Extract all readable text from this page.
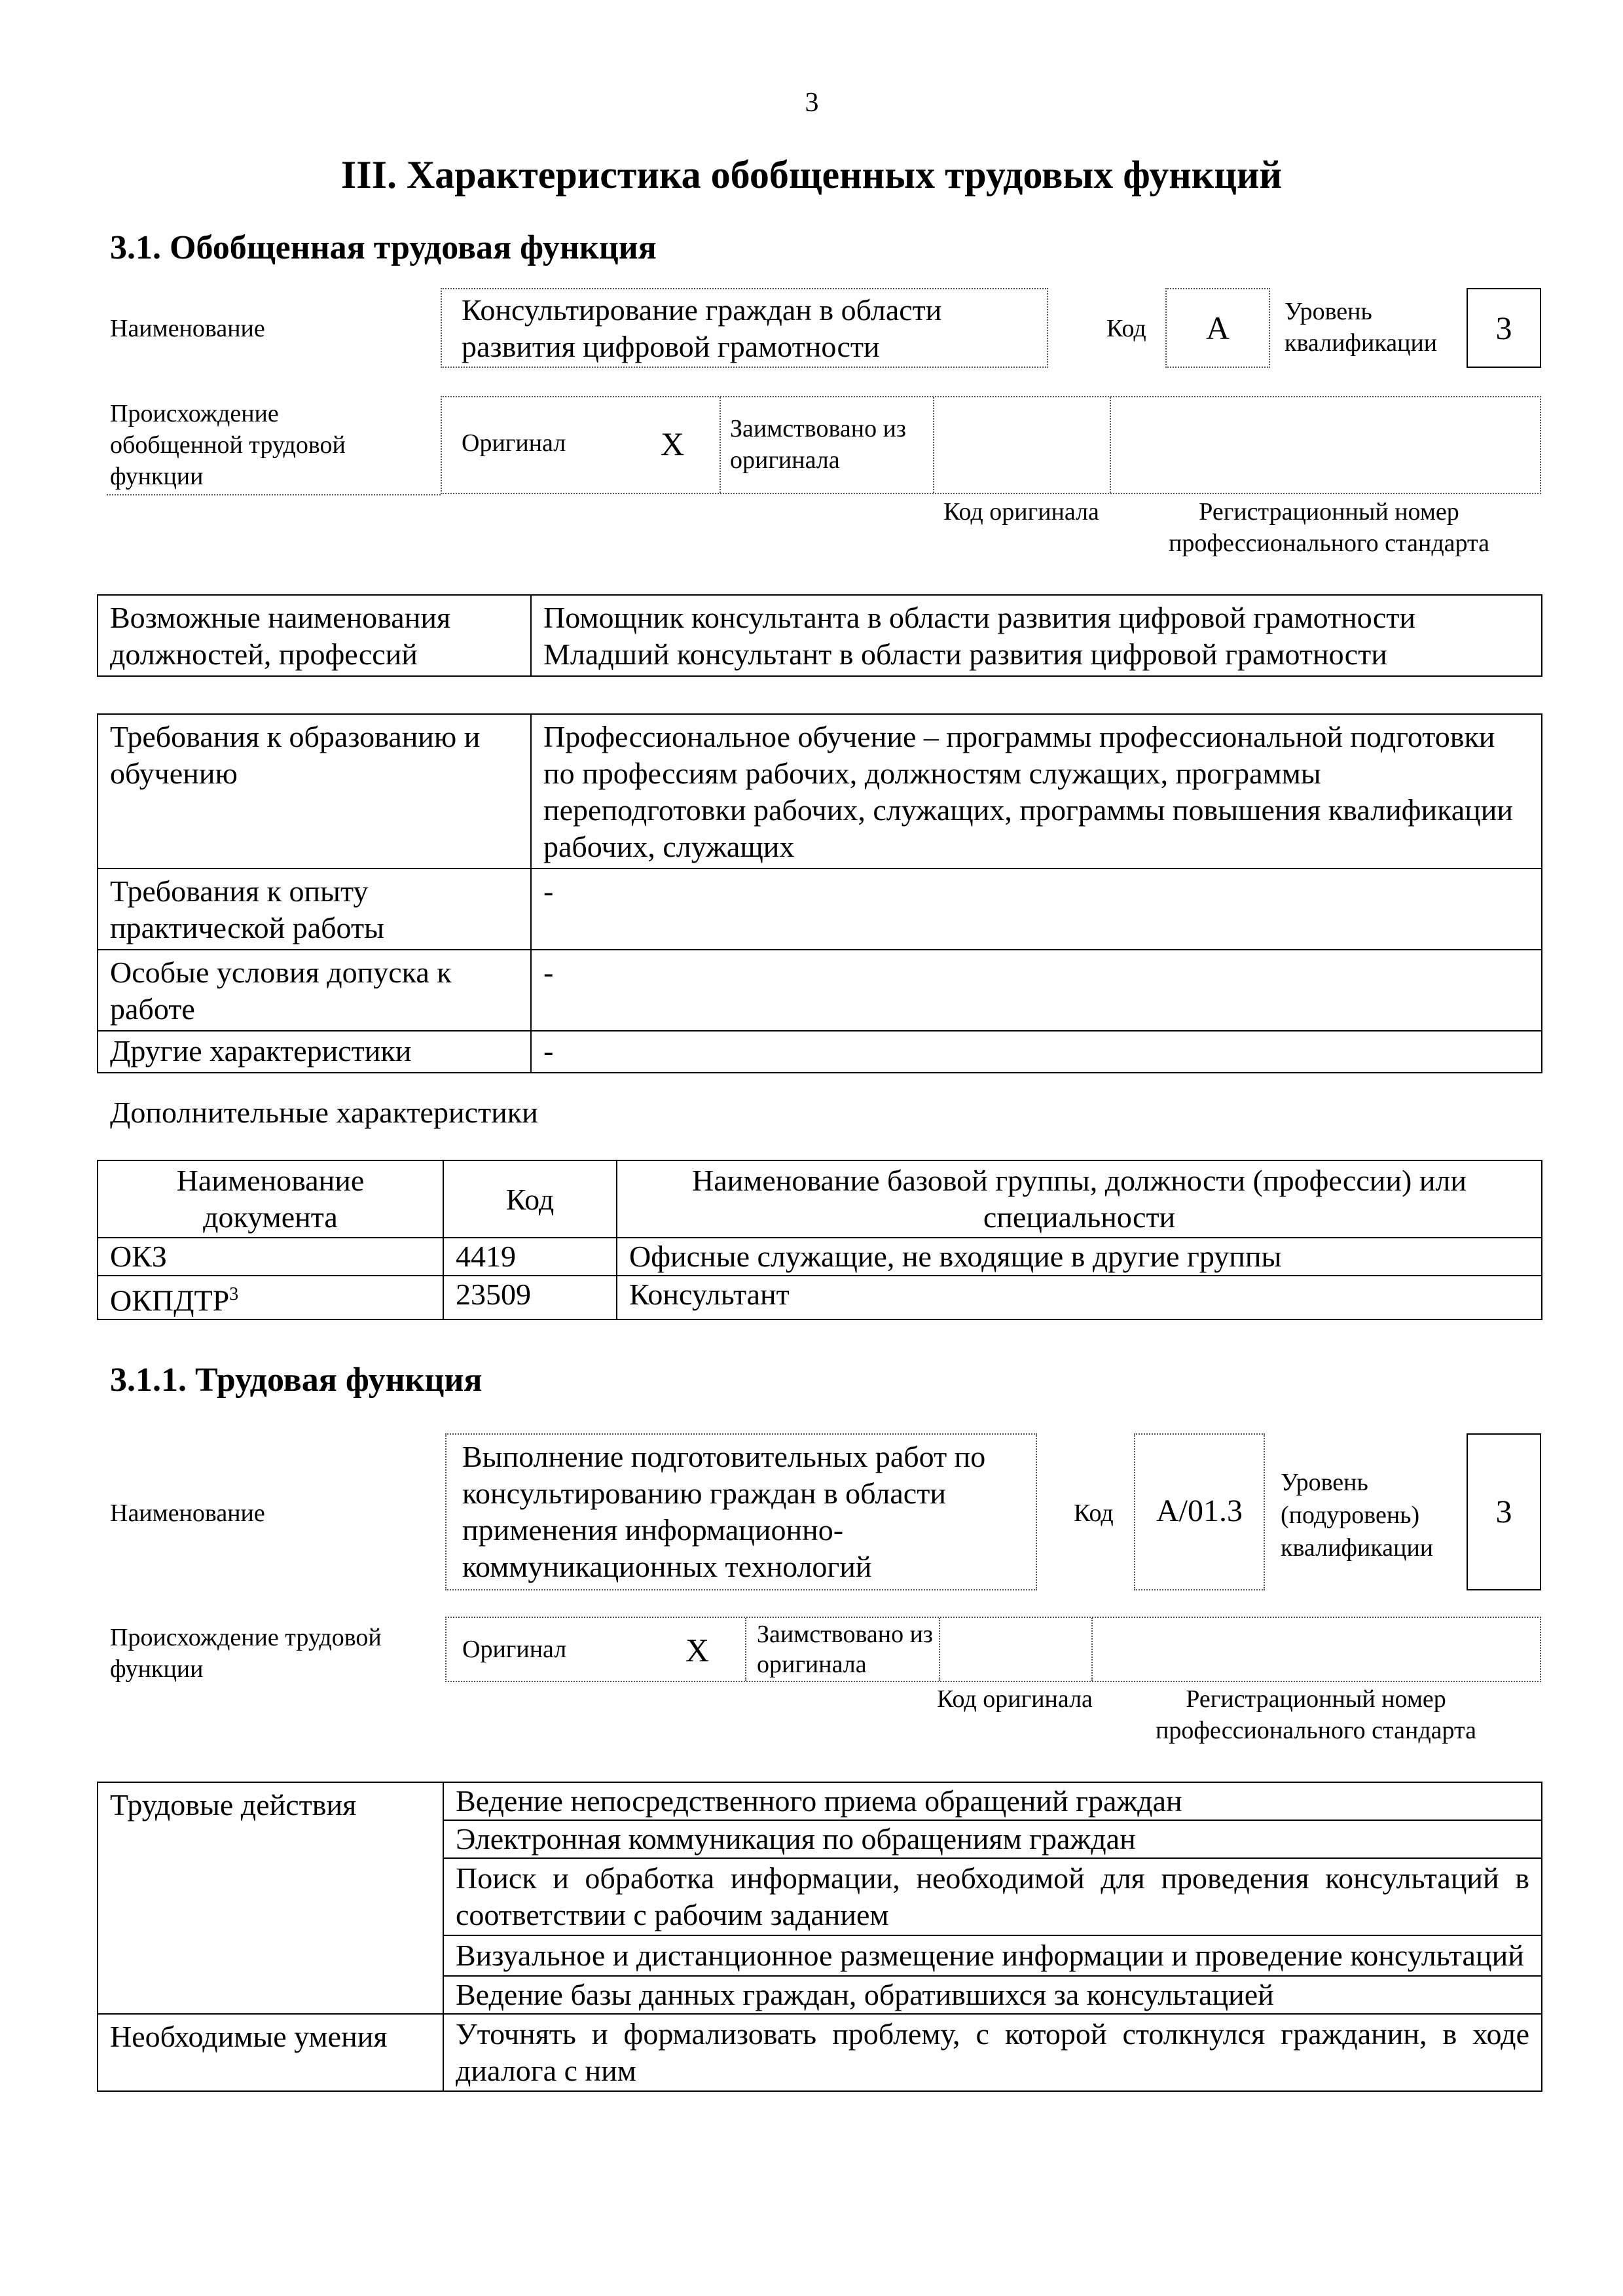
3
III. Характеристика обобщенных трудовых функций
3.1. Обобщенная трудовая функция
Наименование
Консультирование граждан в области развития цифровой грамотности
Код	А	Уровень квалификации	3
Происхождение обобщенной трудовой функции
Оригинал	X Заимствовано из оригинала
Код оригинала	Регистрационный номер профессионального стандарта
Возможные наименования должностей, профессий	
Помощник консультанта в области развития цифровой грамотности
Младший консультант в области развития цифровой грамотности
Требования к образованию и обучению	Профессиональное обучение – программы профессиональной подготовки по профессиям рабочих, должностям служащих, программы переподготовки рабочих, служащих, программы повышения квалификации рабочих, служащих
Требования к опыту практической работы	-
Особые условия допуска к работе	-
Другие характеристики	-
Дополнительные характеристики
Наименование документа	Код	Наименование базовой группы, должности (профессии) или специальности
ОКЗ	4419	Офисные служащие, не входящие в другие группы
ОКПДТР$^3$	23509	Консультант
3.1.1. Трудовая функция
Наименование
Выполнение подготовительных работ по консультированию граждан в области применения информационно-коммуникационных технологий
Код	А/01.3
Уровень (подуровень) квалификации
3
Происхождение трудовой функции
Оригинал	X Заимствовано из оригинала
Код оригинала	Регистрационный номер профессионального стандарта
Трудовые действия	Ведение непосредственного приема обращений граждан
	Электронная коммуникация по обращениям граждан
	Поиск и обработка информации, необходимой для проведения консультаций в соответствии с рабочим заданием
	Визуальное и дистанционное размещение информации и проведение консультаций
	Ведение базы данных граждан, обратившихся за консультацией
Необходимые умения	Уточнять и формализовать проблему, с которой столкнулся гражданин, в ходе диалога с ним
